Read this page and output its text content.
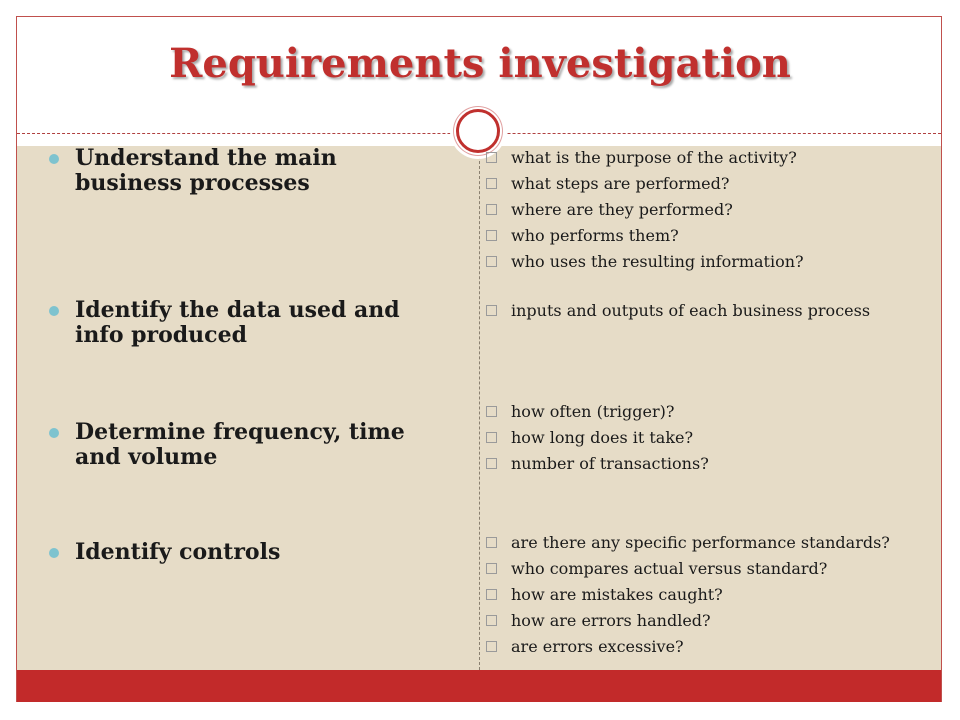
Requirements investigation
Understand the main business processes
Identify the data used and info produced
Determine frequency, time and volume
Identify controls
what is the purpose of the activity?
what steps are performed?
where are they performed?
who performs them?
who uses the resulting information?
inputs and outputs of each business process
how often (trigger)?
how long does it take?
number of transactions?
are there any specific performance standards?
who compares actual versus standard?
how are mistakes caught?
how are errors handled?
are errors excessive?
